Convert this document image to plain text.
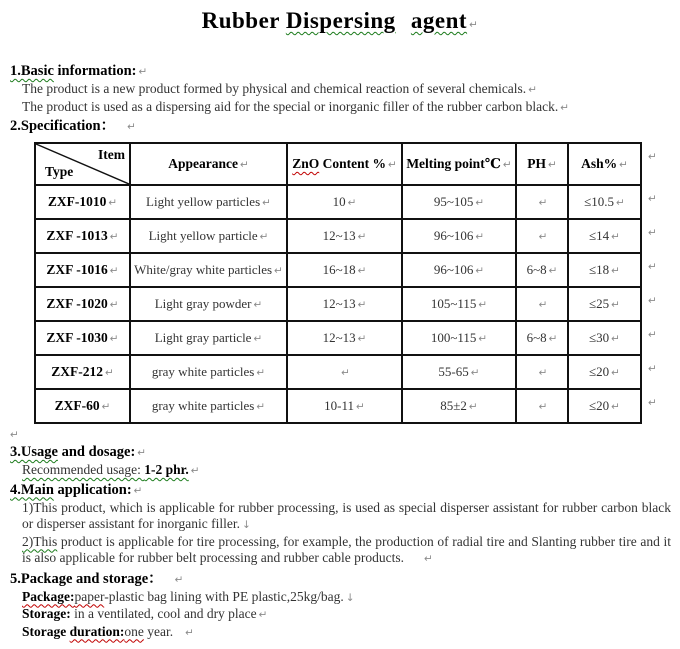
Rubber Dispersing agent ↵
1.Basic information: ↵
The product is a new product formed by physical and chemical reaction of several chemicals. ↵
The product is used as a dispersing aid for the special or inorganic filler of the rubber carbon black. ↵
2.Specification： ↵
Item
Type	Appearance ↵	ZnO Content % ↵	Melting point℃ ↵	PH ↵	Ash% ↵	↵
ZXF-1010 ↵	Light yellow particles ↵	10 ↵	95~105 ↵	↵	≤10.5 ↵	↵
ZXF -1013 ↵	Light yellow particle ↵	12~13 ↵	96~106 ↵	↵	≤14 ↵	↵
ZXF -1016 ↵	White/gray white particles ↵	16~18 ↵	96~106 ↵	6~8 ↵	≤18 ↵	↵
ZXF -1020 ↵	Light gray powder ↵	12~13 ↵	105~115 ↵	↵	≤25 ↵	↵
ZXF -1030 ↵	Light gray particle ↵	12~13 ↵	100~115 ↵	6~8 ↵	≤30 ↵	↵
ZXF-212 ↵	gray white particles ↵	↵	55-65 ↵	↵	≤20 ↵	↵
ZXF-60 ↵	gray white particles ↵	10-11 ↵	85±2 ↵	↵	≤20 ↵	↵
↵
3.Usage and dosage: ↵
Recommended usage: 1-2 phr. ↵
4.Main application: ↵
1)This product, which is applicable for rubber processing, is used as special disperser assistant for rubber carbon black or disperser assistant for inorganic filler. ↓
2)This product is applicable for tire processing, for example, the production of radial tire and Slanting rubber tire and it is also applicable for rubber belt processing and rubber cable products. ↵
5.Package and storage： ↵
Package:paper-plastic bag lining with PE plastic,25kg/bag. ↓
Storage: in a ventilated, cool and dry place ↵
Storage duration:one year. ↵
